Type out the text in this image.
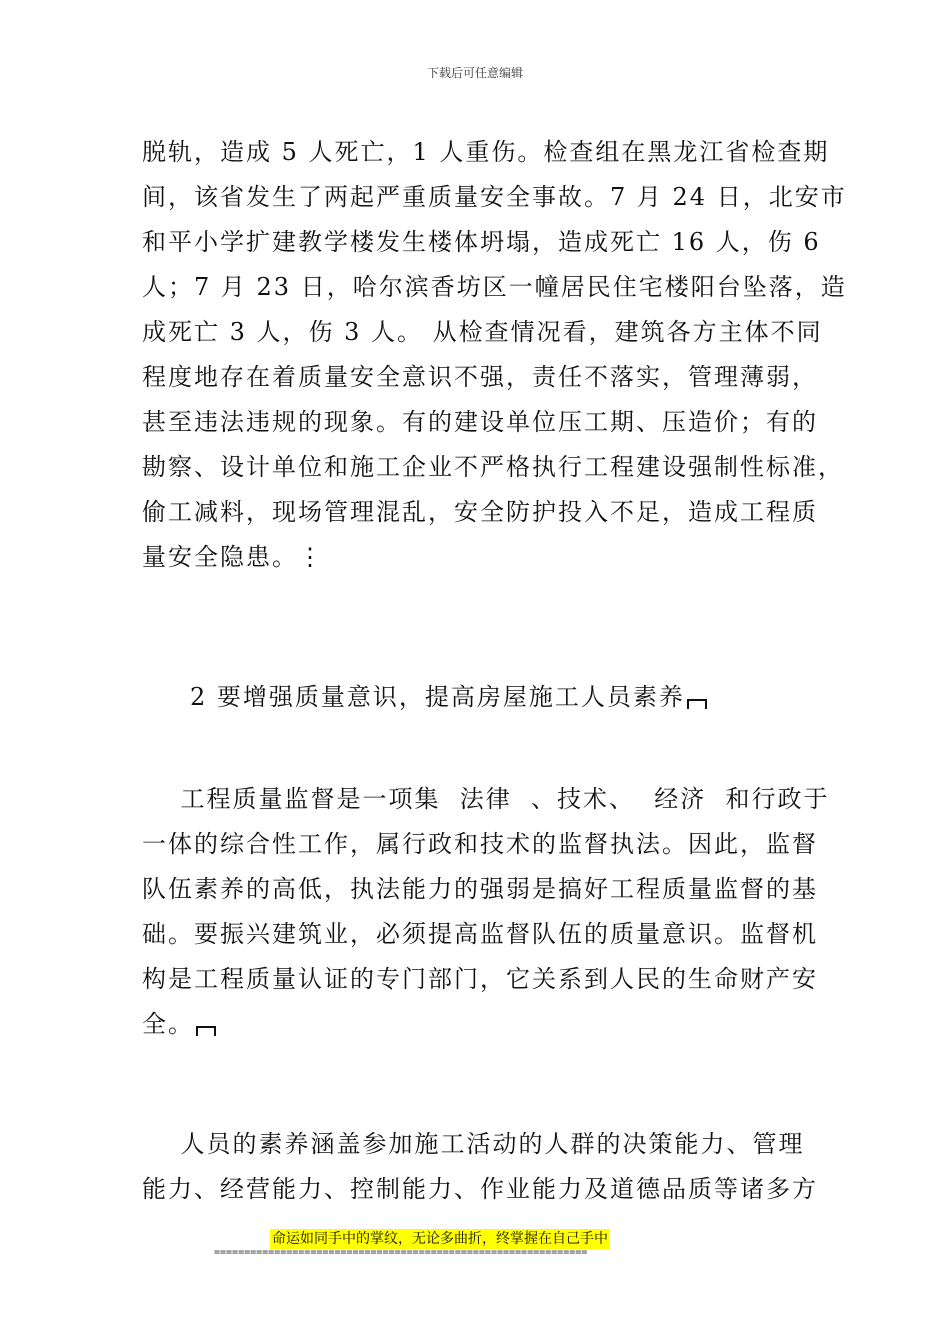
下载后可任意编辑
脱轨，造成 5 人死亡，1 人重伤。检查组在黑龙江省检查期
间，该省发生了两起严重质量安全事故。7 月 24 日，北安市
和平小学扩建教学楼发生楼体坍塌，造成死亡 16 人，伤 6
人；7 月 23 日，哈尔滨香坊区一幢居民住宅楼阳台坠落，造
成死亡 3 人，伤 3 人。 从检查情况看，建筑各方主体不同
程度地存在着质量安全意识不强，责任不落实，管理薄弱，
甚至违法违规的现象。有的建设单位压工期、压造价；有的
勘察、设计单位和施工企业不严格执行工程建设强制性标准，
偷工减料，现场管理混乱，安全防护投入不足，造成工程质
量安全隐患。⋮
2 要增强质量意识，提高房屋施工人员素养
工程质量监督是一项集  法律  、技术、  经济  和行政于
一体的综合性工作，属行政和技术的监督执法。因此，监督
队伍素养的高低，执法能力的强弱是搞好工程质量监督的基
础。要振兴建筑业，必须提高监督队伍的质量意识。监督机
构是工程质量认证的专门部门，它关系到人民的生命财产安
全。
人员的素养涵盖参加施工活动的人群的决策能力、管理
能力、经营能力、控制能力、作业能力及道德品质等诸多方
命运如同手中的掌纹，无论多曲折，终掌握在自己手中
==============================================================
